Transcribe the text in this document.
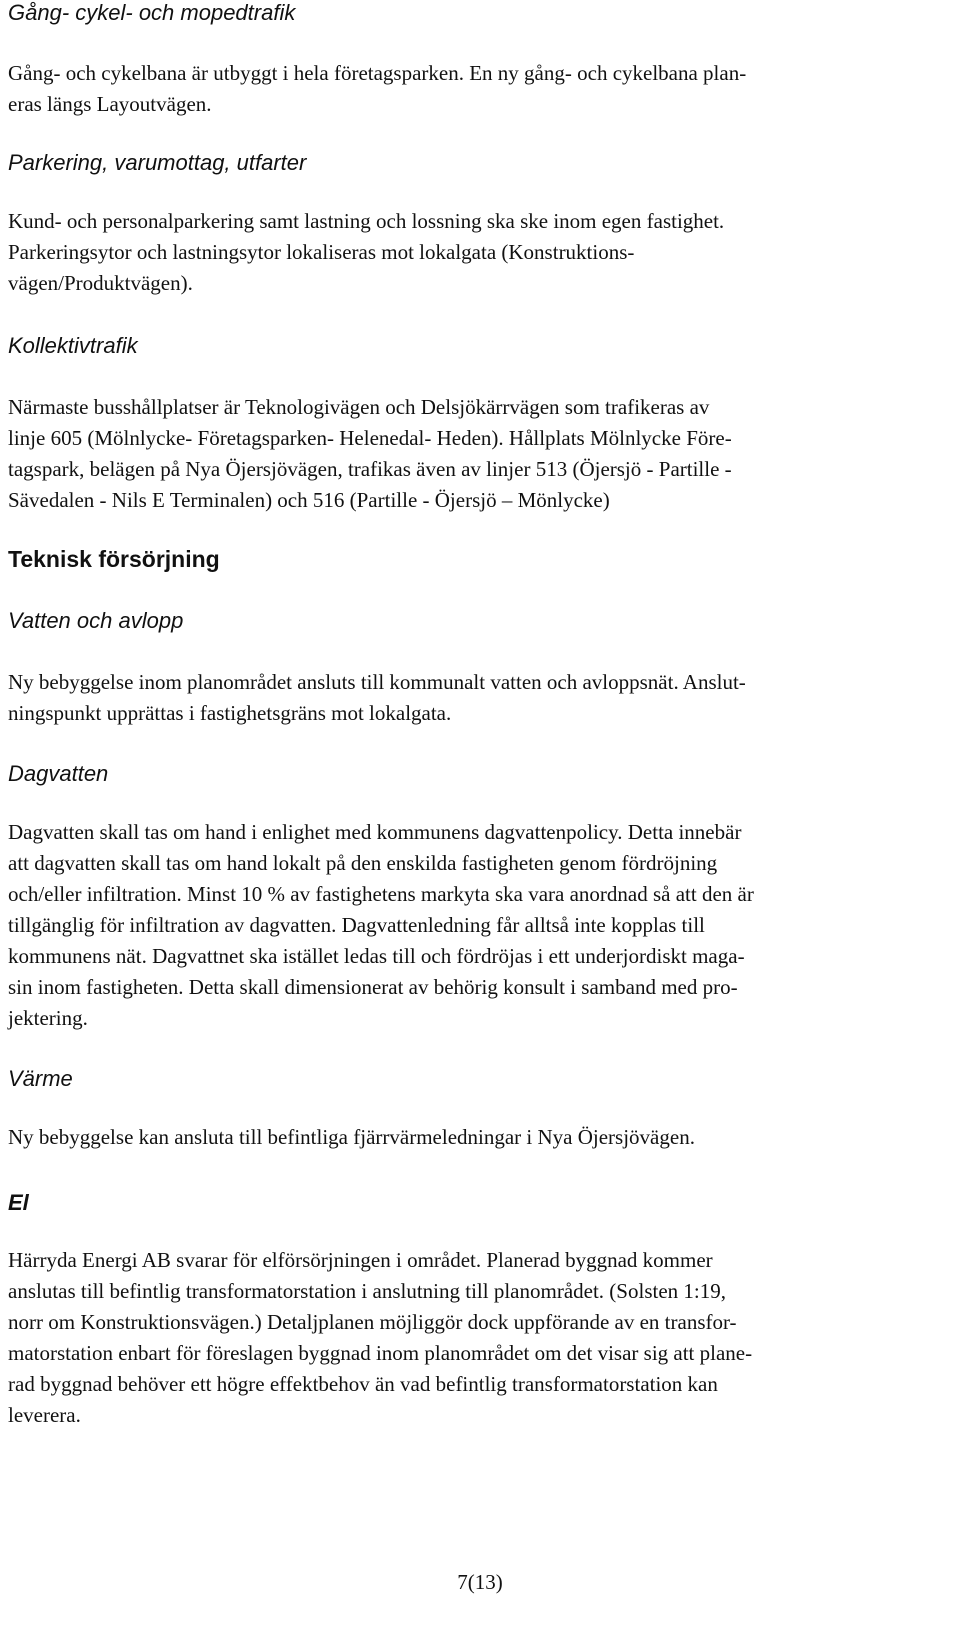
Gång- cykel- och mopedtrafik

Gång- och cykelbana är utbyggt i hela företagsparken. En ny gång- och cykelbana plan-
eras längs Layoutvägen.

Parkering, varumottag, utfarter

Kund- och personalparkering samt lastning och lossning ska ske inom egen fastighet.
Parkeringsytor och lastningsytor lokaliseras mot lokalgata (Konstruktions-
vägen/Produktvägen).

Kollektivtrafik

Närmaste busshållplatser är Teknologivägen och Delsjökärrvägen som trafikeras av
linje 605 (Mölnlycke- Företagsparken- Helenedal- Heden). Hållplats Mölnlycke Före-
tagspark, belägen på Nya Öjersjövägen, trafikas även av linjer 513 (Öjersjö - Partille -
Sävedalen - Nils E Terminalen) och 516 (Partille - Öjersjö – Mönlycke)

Teknisk försörjning
Vatten och avlopp

Ny bebyggelse inom planområdet ansluts till kommunalt vatten och avloppsnät. Anslut-
ningspunkt upprättas i fastighetsgräns mot lokalgata.

Dagvatten

Dagvatten skall tas om hand i enlighet med kommunens dagvattenpolicy. Detta innebär
att dagvatten skall tas om hand lokalt på den enskilda fastigheten genom fördröjning
och/eller infiltration. Minst 10 % av fastighetens markyta ska vara anordnad så att den är
tillgänglig för infiltration av dagvatten. Dagvattenledning får alltså inte kopplas till
kommunens nät. Dagvattnet ska istället ledas till och fördröjas i ett underjordiskt maga-
sin inom fastigheten. Detta skall dimensionerat av behörig konsult i samband med pro-
jektering.

Värme

Ny bebyggelse kan ansluta till befintliga fjärrvärmeledningar i Nya Öjersjövägen.

El

Härryda Energi AB svarar för elförsörjningen i området. Planerad byggnad kommer
anslutas till befintlig transformatorstation i anslutning till planområdet. (Solsten 1:19,
norr om Konstruktionsvägen.) Detaljplanen möjliggör dock uppförande av en transfor-
matorstation enbart för föreslagen byggnad inom planområdet om det visar sig att plane-
rad byggnad behöver ett högre effektbehov än vad befintlig transformatorstation kan
leverera.

7(13)
